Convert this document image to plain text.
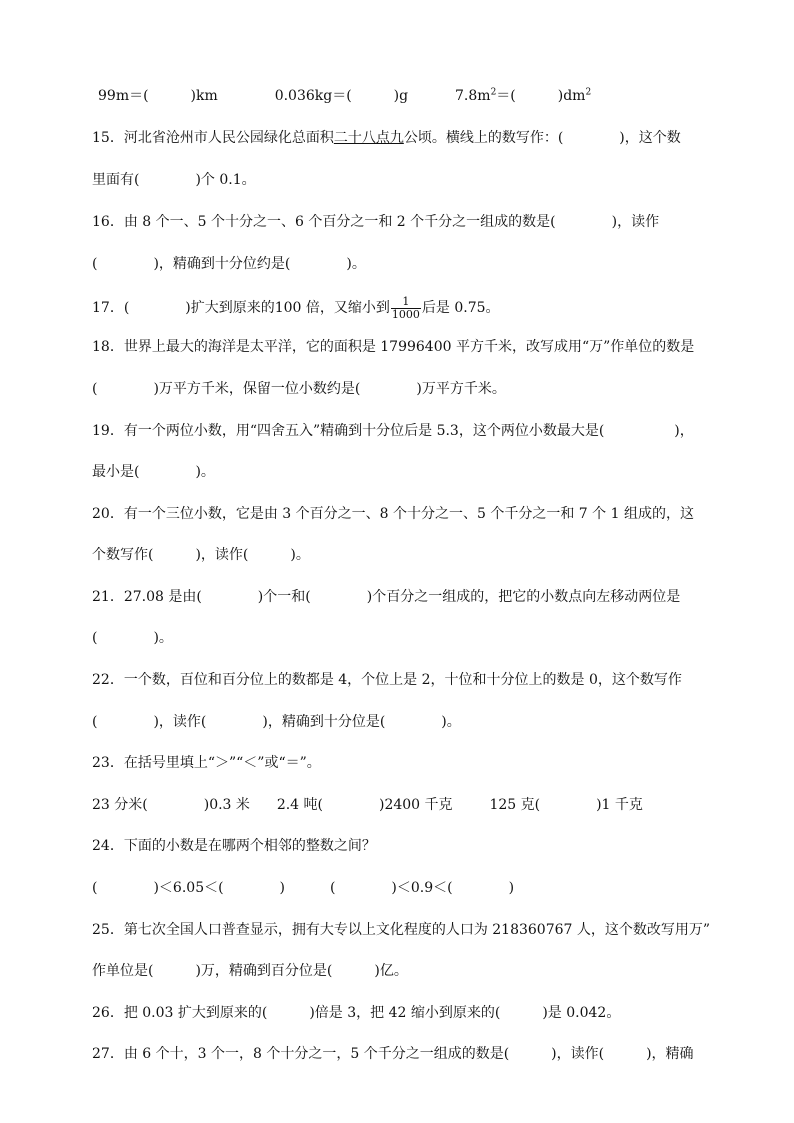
99m＝(　　　)km	0.036kg＝(　　　)g	$7.8m^2=$(　　　)$dm^2$
15．河北省沧州市人民公园绿化总面积二十八点九公顷。横线上的数写作：(　　　　)，这个数
里面有(　　　　)个 0.1。
16．由 8 个一、5 个十分之一、6 个百分之一和 2 个千分之一组成的数是(　　　　)，读作
(　　　　)，精确到十分位约是(　　　　)。
17．(　　　　)扩大到原来的100 倍，又缩小到 $\frac{1}{1000}$ 后是 0.75。
18．世界上最大的海洋是太平洋，它的面积是 17996400 平方千米，改写成用“万”作单位的数是
(　　　　)万平方千米，保留一位小数约是(　　　　)万平方千米。
19．有一个两位小数，用“四舍五入”精确到十分位后是 5.3，这个两位小数最大是(　　　　　)，
最小是(　　　　)。
20．有一个三位小数，它是由 3 个百分之一、8 个十分之一、5 个千分之一和 7 个 1 组成的，这
个数写作(　　　)，读作(　　　)。
21．27.08 是由(　　　　)个一和(　　　　)个百分之一组成的，把它的小数点向左移动两位是
(　　　　)。
22．一个数，百位和百分位上的数都是 4，个位上是 2，十位和十分位上的数是 0，这个数写作
(　　　　)，读作(　　　　)，精确到十分位是(　　　　)。
23．在括号里填上“＞”“＜”或“＝”。
23 分米(　　　　)0.3 米 2.4 吨(　　　　)2400 千克	125 克(　　　　)1 千克
24．下面的小数是在哪两个相邻的整数之间？
(　　　　)＜6.05＜(　　　　)	(　　　　)＜0.9＜(　　　　)
25．第七次全国人口普查显示，拥有大专以上文化程度的人口为 218360767 人，这个数改写用万”
作单位是(　　　)万，精确到百分位是(　　　)亿。
26．把 0.03 扩大到原来的(　　　)倍是 3，把 42 缩小到原来的(　　　)是 0.042。
27．由 6 个十，3 个一，8 个十分之一，5 个千分之一组成的数是(　　　)，读作(　　　)，精确
